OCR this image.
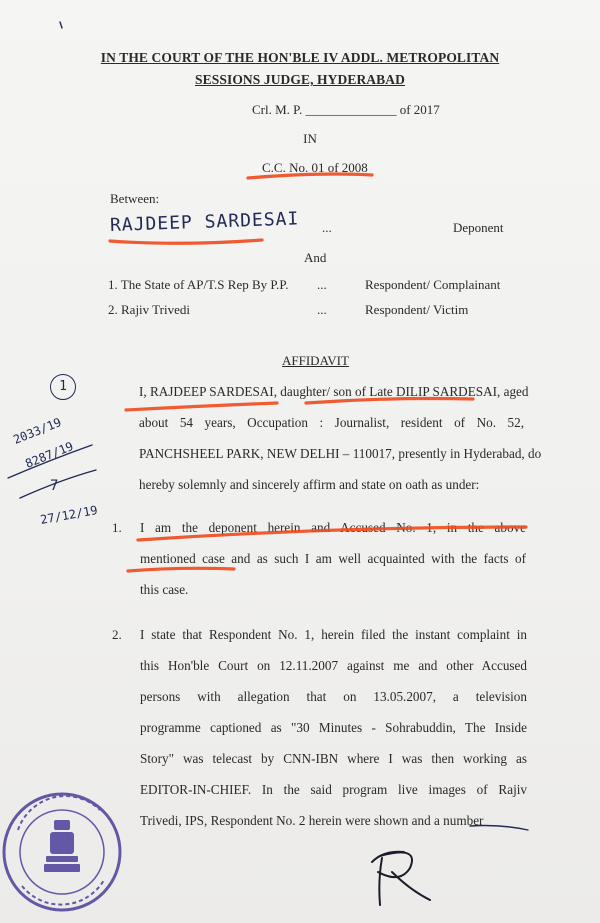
IN THE COURT OF THE HON'BLE IV ADDL. METROPOLITAN
SESSIONS JUDGE, HYDERABAD
Crl. M. P. ______________ of 2017
IN
C.C. No. 01 of 2008
Between:
RAJDEEP SARDESAI ...	Deponent
And
1. The State of AP/T.S Rep By P.P. ...	Respondent/ Complainant
2. Rajiv Trivedi	...	Respondent/ Victim
AFFIDAVIT
I, RAJDEEP SARDESAI, daughter/ son of Late DILIP SARDESAI, aged
about 54 years, Occupation : Journalist, resident of No. 52,
PANCHSHEEL PARK, NEW DELHI – 110017, presently in Hyderabad, do
hereby solemnly and sincerely affirm and state on oath as under:
1. I am the deponent herein and Accused No. 1, in the above
mentioned case and as such I am well acquainted with the facts of
this case.
2. I state that Respondent No. 1, herein filed the instant complaint in
this Hon'ble Court on 12.11.2007 against me and other Accused
persons with allegation that on 13.05.2007, a television
programme captioned as "30 Minutes - Sohrabuddin, The Inside
Story" was telecast by CNN-IBN where I was then working as
EDITOR-IN-CHIEF. In the said program live images of Rajiv
Trivedi, IPS, Respondent No. 2 herein were shown and a number
1
2033/19
8287/19
7
27/12/19
